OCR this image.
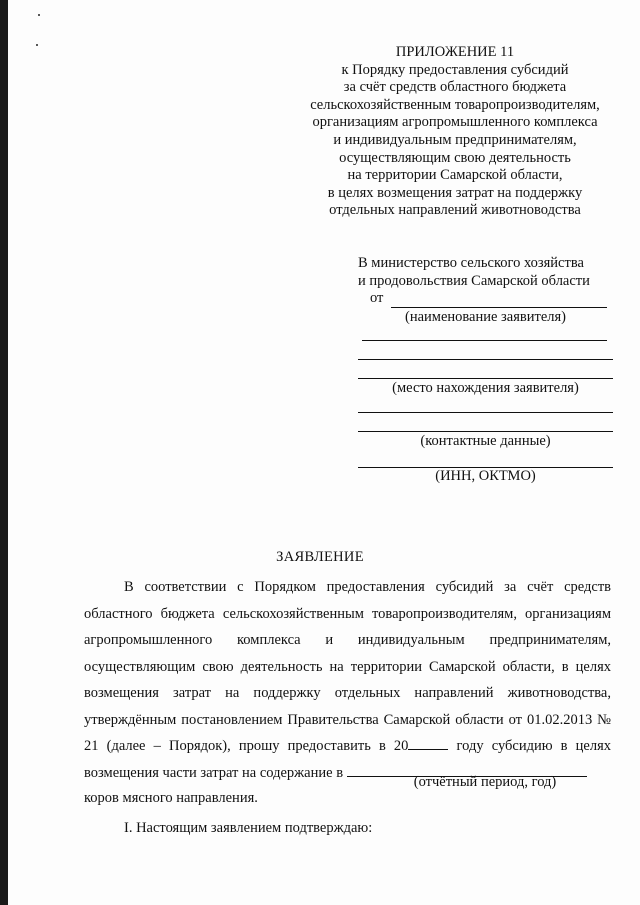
ПРИЛОЖЕНИЕ 11
к Порядку предоставления субсидий
за счёт средств областного бюджета
сельскохозяйственным товаропроизводителям,
организациям агропромышленного комплекса
и индивидуальным предпринимателям,
осуществляющим свою деятельность
на территории Самарской области,
в целях возмещения затрат на поддержку
отдельных направлений животноводства
В министерство сельского хозяйства
и продовольствия Самарской области
от
(наименование заявителя)
(место нахождения заявителя)
(контактные данные)
(ИНН, ОКТМО)
ЗАЯВЛЕНИЕ

В соответствии с Порядком предоставления субсидий за счёт средств областного бюджета сельскохозяйственным товаропроизводителям, организациям агропромышленного комплекса и индивидуальным предпринимателям, осуществляющим свою деятельность на территории Самарской области, в целях возмещения затрат на поддержку отдельных направлений животноводства, утверждённым постановлением Правительства Самарской области от 01.02.2013 № 21 (далее – Порядок), прошу предоставить в 20	году субсидию в целях возмещения части затрат на содержание в

(отчётный период, год)
коров мясного направления.
I. Настоящим заявлением подтверждаю:
